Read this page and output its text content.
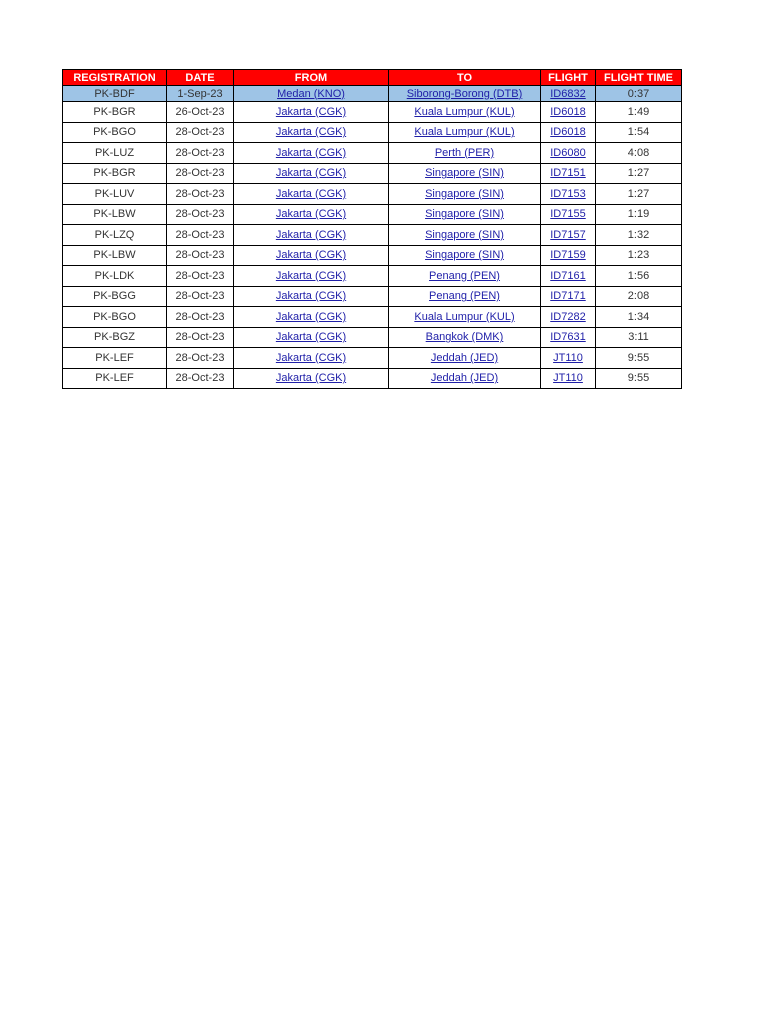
REGISTRATION	DATE	FROM	TO	FLIGHT	FLIGHT TIME
PK-BDF	1-Sep-23	Medan (KNO)	Siborong-Borong (DTB)	ID6832	0:37
PK-BGR	26-Oct-23	Jakarta (CGK)	Kuala Lumpur (KUL)	ID6018	1:49
PK-BGO	28-Oct-23	Jakarta (CGK)	Kuala Lumpur (KUL)	ID6018	1:54
PK-LUZ	28-Oct-23	Jakarta (CGK)	Perth (PER)	ID6080	4:08
PK-BGR	28-Oct-23	Jakarta (CGK)	Singapore (SIN)	ID7151	1:27
PK-LUV	28-Oct-23	Jakarta (CGK)	Singapore (SIN)	ID7153	1:27
PK-LBW	28-Oct-23	Jakarta (CGK)	Singapore (SIN)	ID7155	1:19
PK-LZQ	28-Oct-23	Jakarta (CGK)	Singapore (SIN)	ID7157	1:32
PK-LBW	28-Oct-23	Jakarta (CGK)	Singapore (SIN)	ID7159	1:23
PK-LDK	28-Oct-23	Jakarta (CGK)	Penang (PEN)	ID7161	1:56
PK-BGG	28-Oct-23	Jakarta (CGK)	Penang (PEN)	ID7171	2:08
PK-BGO	28-Oct-23	Jakarta (CGK)	Kuala Lumpur (KUL)	ID7282	1:34
PK-BGZ	28-Oct-23	Jakarta (CGK)	Bangkok (DMK)	ID7631	3:11
PK-LEF	28-Oct-23	Jakarta (CGK)	Jeddah (JED)	JT110	9:55
PK-LEF	28-Oct-23	Jakarta (CGK)	Jeddah (JED)	JT110	9:55
